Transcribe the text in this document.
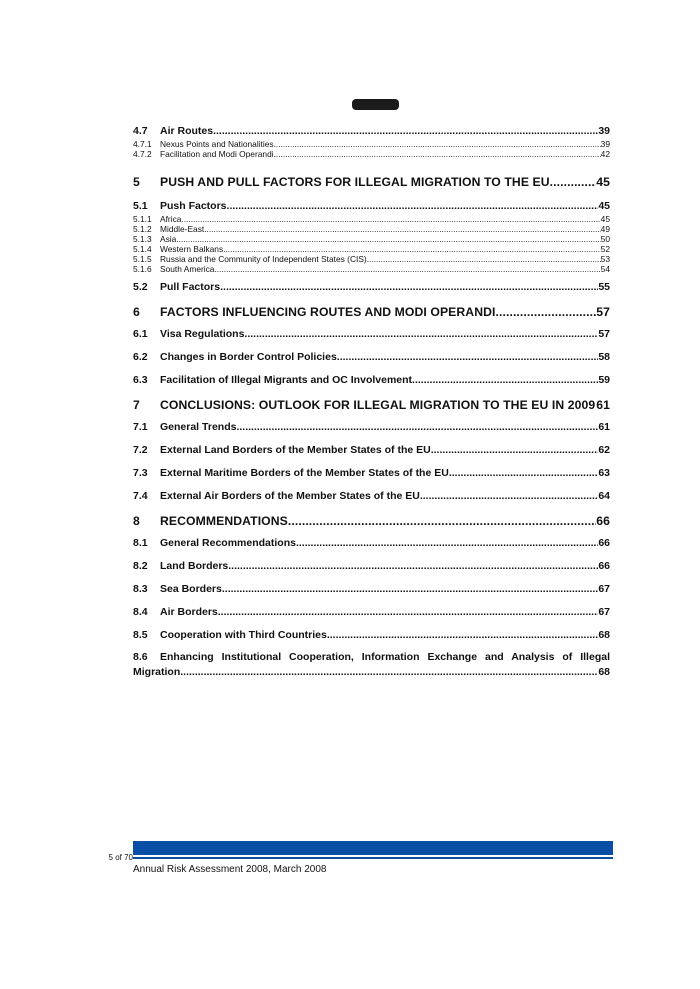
4.7	Air Routes .....	39
4.7.1 Nexus Points and Nationalities .....	39
4.7.2 Facilitation and Modi Operandi .....	42
5	PUSH AND PULL FACTORS FOR ILLEGAL MIGRATION TO THE EU .....	45
5.1	Push Factors .....	45
5.1.1 Africa .....	45
5.1.2 Middle-East .....	49
5.1.3 Asia .....	50
5.1.4 Western Balkans .....	52
5.1.5 Russia and the Community of Independent States (CIS) .....	53
5.1.6 South America .....	54
5.2	Pull Factors .....	55
6	FACTORS INFLUENCING ROUTES AND MODI OPERANDI .....	57
6.1	Visa Regulations .....	57
6.2	Changes in Border Control Policies .....	58
6.3	Facilitation of Illegal Migrants and OC Involvement .....	59
7	CONCLUSIONS: OUTLOOK FOR ILLEGAL MIGRATION TO THE EU IN 2009 ..... 61
7.1	General Trends .....	61
7.2	External Land Borders of the Member States of the EU .....	62
7.3	External Maritime Borders of the Member States of the EU .....	63
7.4	External Air Borders of the Member States of the EU .....	64
8	RECOMMENDATIONS .....	66
8.1	General Recommendations .....	66
8.2	Land Borders .....	66
8.3	Sea Borders .....	67
8.4	Air Borders .....	67
8.5	Cooperation with Third Countries .....	68
8.6	Enhancing Institutional Cooperation, Information Exchange and Analysis of Illegal
Migration .....	68
5 of 70
Annual Risk Assessment 2008, March 2008
